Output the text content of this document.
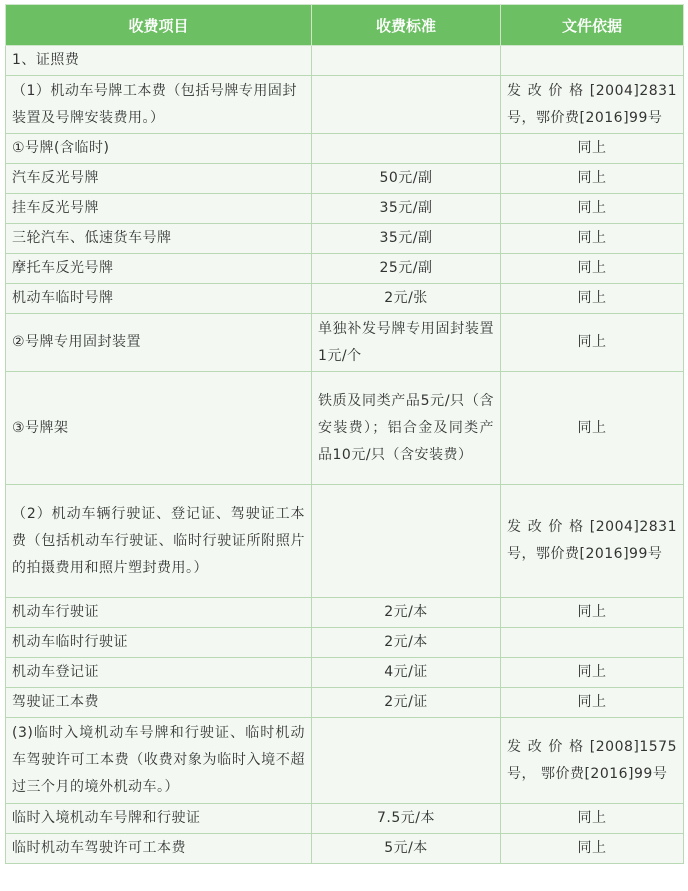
收费项目	收费标准	文件依据
1、证照费		
（1）机动车号牌工本费（包括号牌专用固封装置及号牌安装费用。）		发改价格[2004]2831号，鄂价费[2016]99号
①号牌(含临时)		同上
汽车反光号牌	50元/副	同上
挂车反光号牌	35元/副	同上
三轮汽车、低速货车号牌	35元/副	同上
摩托车反光号牌	25元/副	同上
机动车临时号牌	2元/张	同上
②号牌专用固封装置	单独补发号牌专用固封装置1元/个	同上
③号牌架	铁质及同类产品5元/只（含安装费）；铝合金及同类产品10元/只（含安装费）	同上
（2）机动车辆行驶证、登记证、驾驶证工本费（包括机动车行驶证、临时行驶证所附照片的拍摄费用和照片塑封费用。）		发改价格[2004]2831号，鄂价费[2016]99号
机动车行驶证	2元/本	同上
机动车临时行驶证	2元/本	
机动车登记证	4元/证	同上
驾驶证工本费	2元/证	同上
(3)临时入境机动车号牌和行驶证、临时机动车驾驶许可工本费（收费对象为临时入境不超过三个月的境外机动车。）		发改价格[2008]1575号， 鄂价费[2016]99号
临时入境机动车号牌和行驶证	7.5元/本	同上
临时机动车驾驶许可工本费	5元/本	同上
